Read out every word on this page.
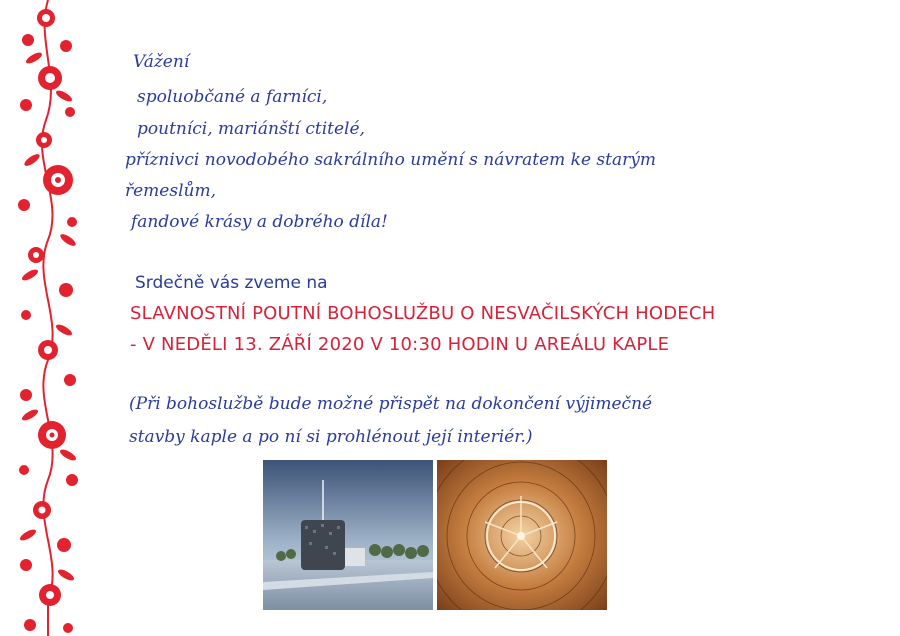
Vážení
spoluobčané a farníci,
poutníci, mariánští ctitelé,
příznivci novodobého sakrálního umění s návratem ke starým
řemeslům,
fandové krásy a dobrého díla!
Srdečně vás zveme na
SLAVNOSTNÍ POUTNÍ BOHOSLUŽBU O NESVAČILSKÝCH HODECH
- V NEDĚLI 13. ZÁŘÍ 2020 V 10:30 HODIN U AREÁLU KAPLE
(Při bohoslužbě bude možné přispět na dokončení výjimečné
stavby kaple a po ní si prohlénout její interiér.)
